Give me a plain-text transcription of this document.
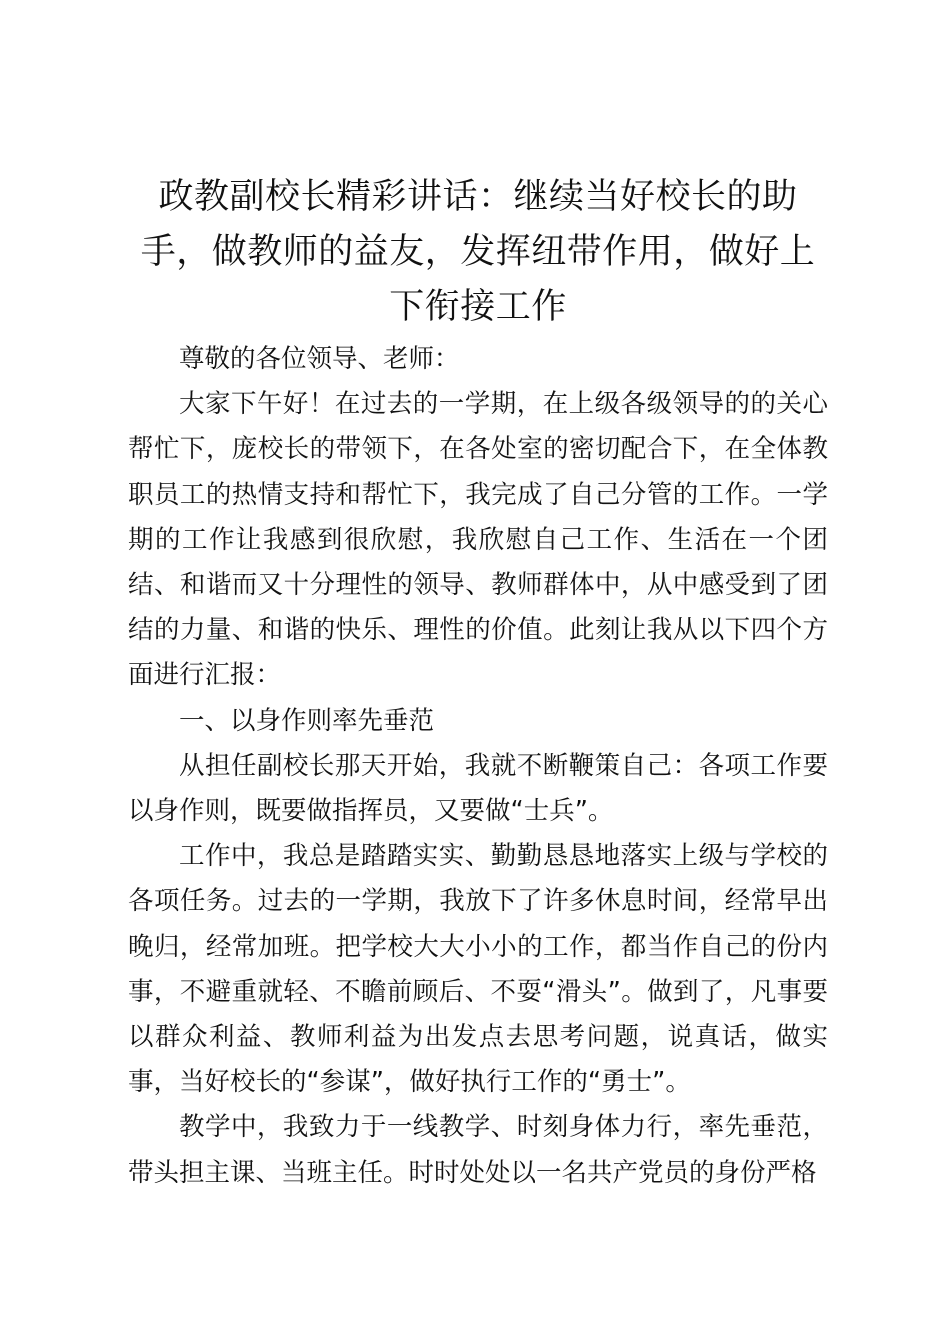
政教副校长精彩讲话：继续当好校长的助手，做教师的益友，发挥纽带作用，做好上下衔接工作

尊敬的各位领导、老师：

大家下午好！在过去的一学期，在上级各级领导的的关心帮忙下，庞校长的带领下，在各处室的密切配合下，在全体教职员工的热情支持和帮忙下，我完成了自己分管的工作。一学期的工作让我感到很欣慰，我欣慰自己工作、生活在一个团结、和谐而又十分理性的领导、教师群体中，从中感受到了团结的力量、和谐的快乐、理性的价值。此刻让我从以下四个方面进行汇报：

一、以身作则率先垂范

从担任副校长那天开始，我就不断鞭策自己：各项工作要以身作则，既要做指挥员，又要做“士兵”。

工作中，我总是踏踏实实、勤勤恳恳地落实上级与学校的各项任务。过去的一学期，我放下了许多休息时间，经常早出晚归，经常加班。把学校大大小小的工作，都当作自己的份内事，不避重就轻、不瞻前顾后、不耍“滑头”。做到了，凡事要以群众利益、教师利益为出发点去思考问题，说真话，做实事，当好校长的“参谋”，做好执行工作的“勇士”。

教学中，我致力于一线教学、时刻身体力行，率先垂范，带头担主课、当班主任。时时处处以一名共产党员的身份严格
